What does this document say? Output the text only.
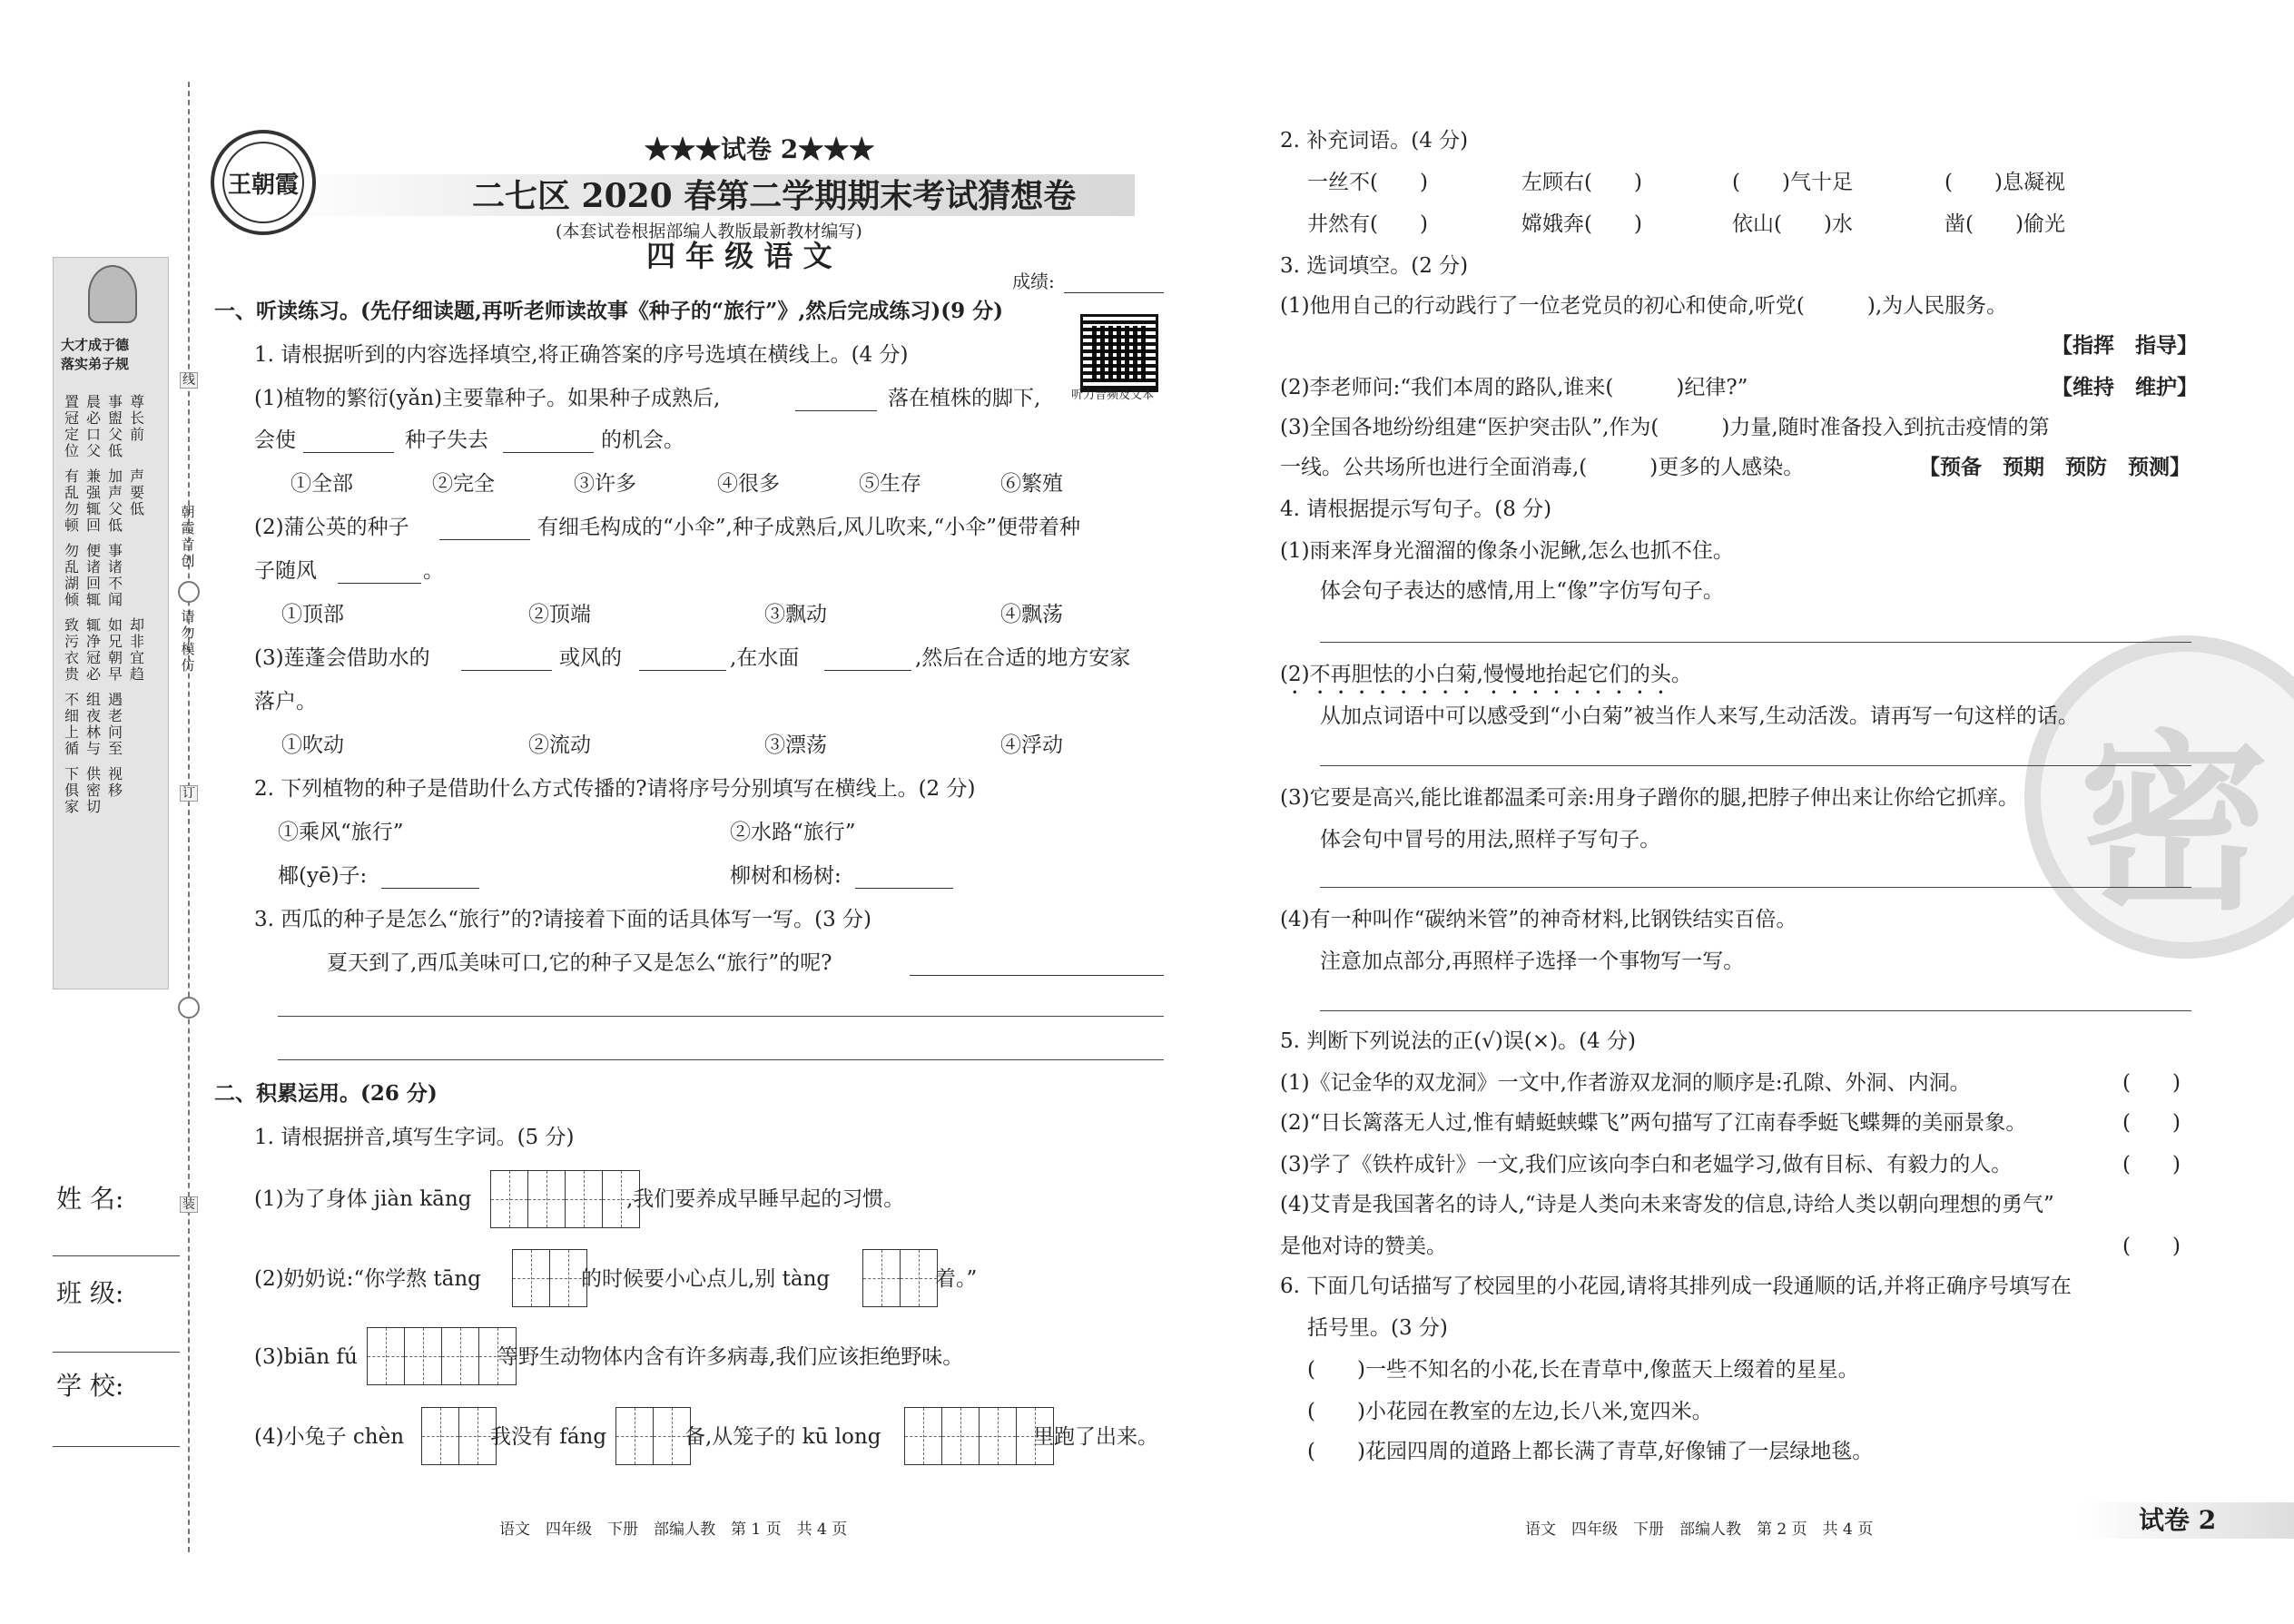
线
朝霞首创
请勿模仿
订
装
大才成于德
落实弟子规
置冠定位
晨必口父
事盥父低
尊长前
有乱勿顿
兼强辄回
加声父低
声要低
勿乱湖倾
便诸回辄
事诸不闻
致污衣贵
辄净冠必
如兄朝早
却非宜趋
不细上循
组夜林与
遇老问至
下俱家
供密切
视移
姓 名:
班 级:
学 校:
王朝霞
★★★试卷 2★★★
二七区 2020 春第二学期期末考试猜想卷
(本套试卷根据部编人教版最新教材编写)
四 年 级 语 文
成绩:
听力音频及文本
一、听读练习。(先仔细读题,再听老师读故事《种子的“旅行”》,然后完成练习)(9 分)
1. 请根据听到的内容选择填空,将正确答案的序号选填在横线上。(4 分)
(1)植物的繁衍(yǎn)主要靠种子。如果种子成熟后,	落在植株的脚下,
会使	种子失去	的机会。
①全部	②完全	③许多	④很多	⑤生存	⑥繁殖
(2)蒲公英的种子	有细毛构成的“小伞”,种子成熟后,风儿吹来,“小伞”便带着种
子随风	。
①顶部	②顶端	③飘动	④飘荡
(3)莲蓬会借助水的	或风的	,在水面	,然后在合适的地方安家
落户。
①吹动	②流动	③漂荡	④浮动
2. 下列植物的种子是借助什么方式传播的?请将序号分别填写在横线上。(2 分)
①乘风“旅行”	②水路“旅行”
椰(yē)子:	柳树和杨树:
3. 西瓜的种子是怎么“旅行”的?请接着下面的话具体写一写。(3 分)
夏天到了,西瓜美味可口,它的种子又是怎么“旅行”的呢?
二、积累运用。(26 分)
1. 请根据拼音,填写生字词。(5 分)
(1)为了身体 jiàn kāng	,我们要养成早睡早起的习惯。
(2)奶奶说:“你学熬 tāng	的时候要小心点儿,别 tàng	着。”
(3)biān fú	等野生动物体内含有许多病毒,我们应该拒绝野味。
(4)小兔子 chèn	我没有 fáng	备,从笼子的 kū long	里跑了出来。
语文　四年级　下册　部编人教　第 1 页　共 4 页
密
2. 补充词语。(4 分)
一丝不(　　)	左顾右(　　)	(　　)气十足	(　　)息凝视
井然有(　　)	嫦娥奔(　　)	依山(　　)水	凿(　　)偷光
3. 选词填空。(2 分)
(1)他用自己的行动践行了一位老党员的初心和使命,听党(　　　),为人民服务。
【指挥　指导】
(2)李老师问:“我们本周的路队,谁来(　　　)纪律?”	【维持　维护】
(3)全国各地纷纷组建“医护突击队”,作为(　　　)力量,随时准备投入到抗击疫情的第
一线。公共场所也进行全面消毒,(　　　)更多的人感染。	【预备　预期　预防　预测】
4. 请根据提示写句子。(8 分)
(1)雨来浑身光溜溜的像条小泥鳅,怎么也抓不住。
体会句子表达的感情,用上“像”字仿写句子。
(2)不再胆怯的小白菊,慢慢地抬起它们的头。
从加点词语中可以感受到“小白菊”被当作人来写,生动活泼。请再写一句这样的话。
(3)它要是高兴,能比谁都温柔可亲:用身子蹭你的腿,把脖子伸出来让你给它抓痒。
体会句中冒号的用法,照样子写句子。
(4)有一种叫作“碳纳米管”的神奇材料,比钢铁结实百倍。
注意加点部分,再照样子选择一个事物写一写。
5. 判断下列说法的正(√)误(×)。(4 分)
(1)《记金华的双龙洞》一文中,作者游双龙洞的顺序是:孔隙、外洞、内洞。	(　　)
(2)“日长篱落无人过,惟有蜻蜓蛱蝶飞”两句描写了江南春季蜓飞蝶舞的美丽景象。	(　　)
(3)学了《铁杵成针》一文,我们应该向李白和老媪学习,做有目标、有毅力的人。	(　　)
(4)艾青是我国著名的诗人,“诗是人类向未来寄发的信息,诗给人类以朝向理想的勇气”
是他对诗的赞美。	(　　)
6. 下面几句话描写了校园里的小花园,请将其排列成一段通顺的话,并将正确序号填写在
括号里。(3 分)
(　　)一些不知名的小花,长在青草中,像蓝天上缀着的星星。
(　　)小花园在教室的左边,长八米,宽四米。
(　　)花园四周的道路上都长满了青草,好像铺了一层绿地毯。
语文　四年级　下册　部编人教　第 2 页　共 4 页	试卷 2
